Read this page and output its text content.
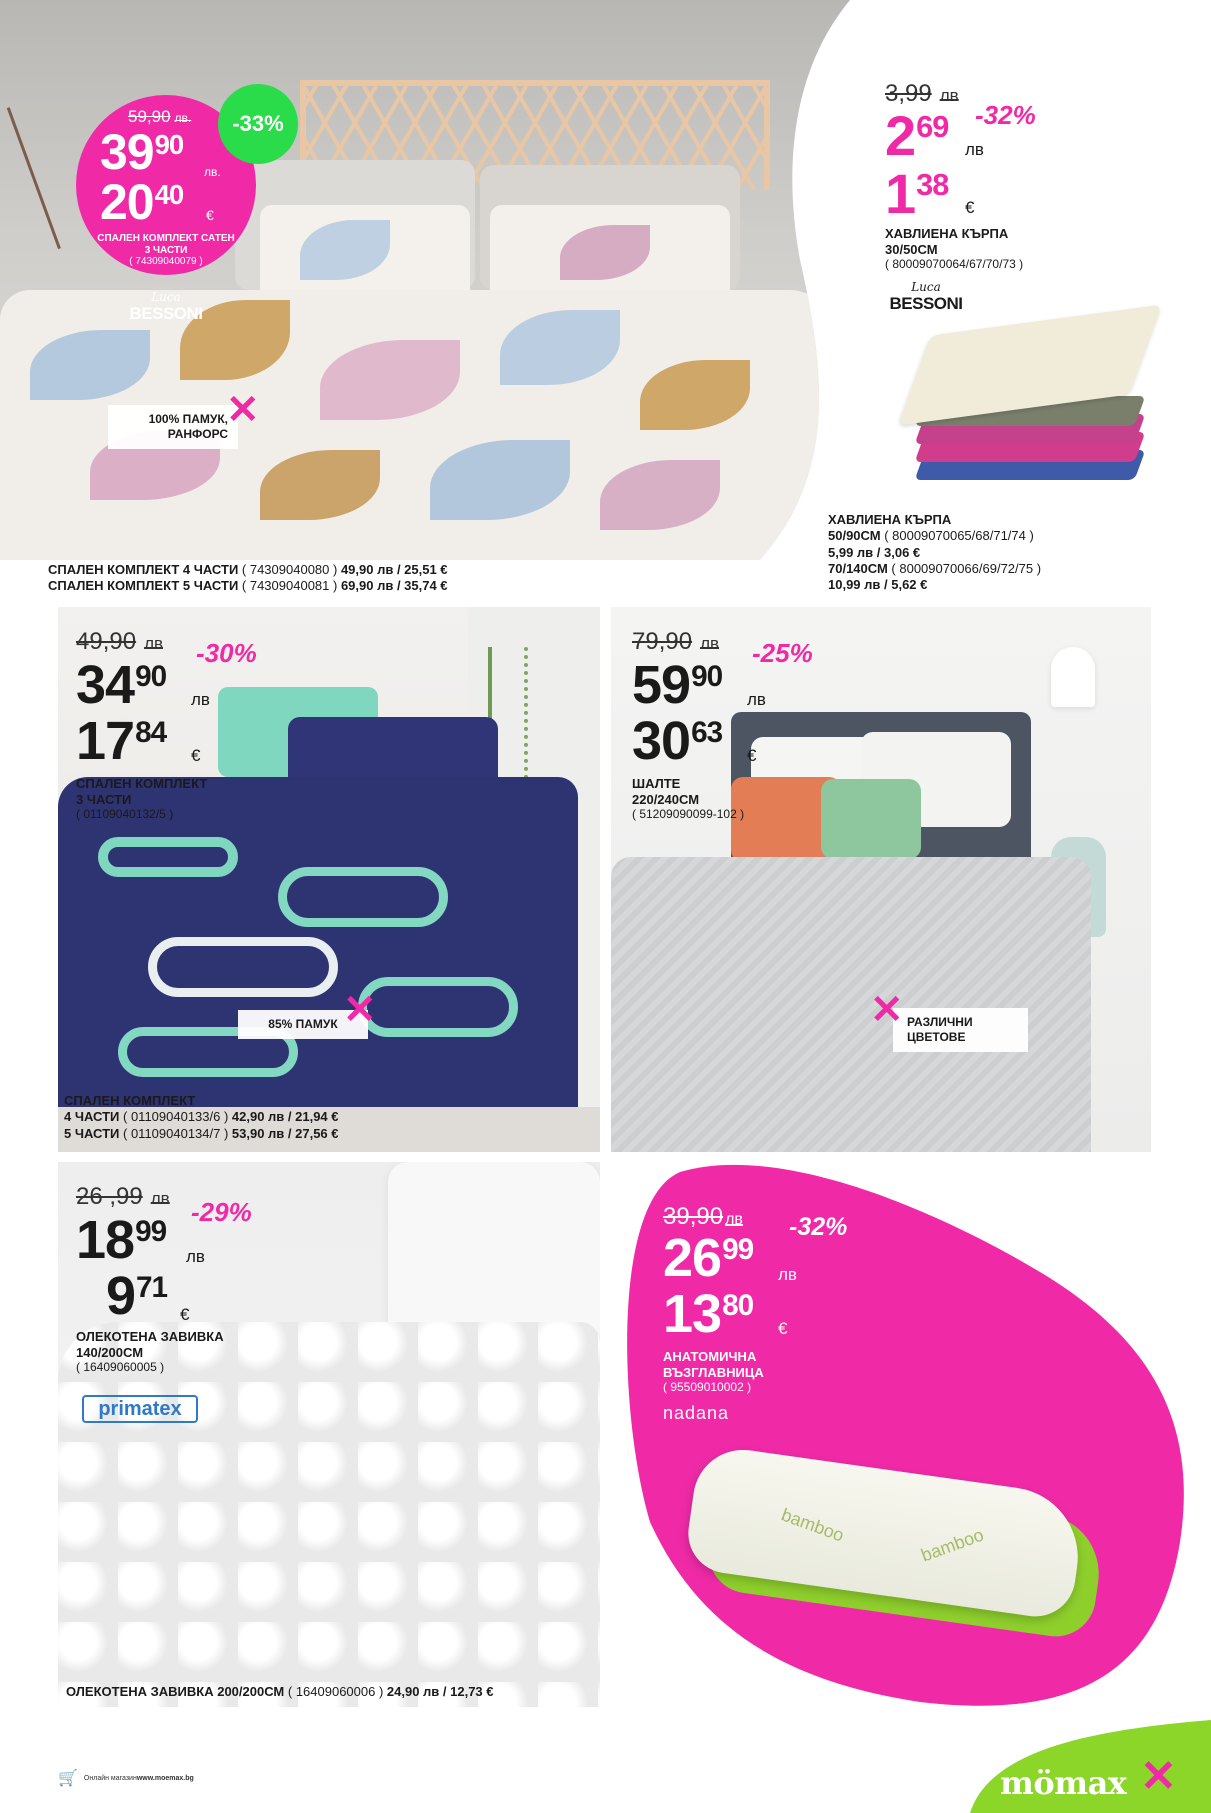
59,90 лв.
$39^{90}$
лв.
$20^{40}$
€
СПАЛЕН КОМПЛЕКТ САТЕН
3 ЧАСТИ
( 74309040079 )
-33%
Luca
BESSONI
100% ПАМУК,
РАНФОРС
✕
СПАЛЕН КОМПЛЕКТ 4 ЧАСТИ ( 74309040080 ) 49,90 лв / 25,51 €
СПАЛЕН КОМПЛЕКТ 5 ЧАСТИ ( 74309040081 ) 69,90 лв / 35,74 €
3,99 лв
$2^{69}$ -32%
лв
$1^{38}$
€
ХАВЛИЕНА КЪРПА
30/50СМ
( 80009070064/67/70/73 )
Luca
BESSONI
ХАВЛИЕНА КЪРПА
50/90СМ ( 80009070065/68/71/74 )
5,99 лв / 3,06 €
70/140СМ ( 80009070066/69/72/75 )
10,99 лв / 5,62 €
49,90 лв
$34^{90}$
-30%
лв
$17^{84}$
€
СПАЛЕН КОМПЛЕКТ
3 ЧАСТИ
( 01109040132/5 )
85% ПАМУК ✕
СПАЛЕН КОМПЛЕКТ
4 ЧАСТИ ( 01109040133/6 ) 42,90 лв / 21,94 €
5 ЧАСТИ ( 01109040134/7 ) 53,90 лв / 27,56 €
79,90 лв
$59^{90}$
-25%
лв
$30^{63}$
€
ШАЛТЕ
220/240СМ
( 51209090099-102 )
РАЗЛИЧНИ
ЦВЕТОВЕ
✕
26 ,99 лв
$18^{99}$
-29%
лв
$9^{71}$
€
ОЛЕКОТЕНА ЗАВИВКА
140/200СМ
( 16409060005 )
primatex
ОЛЕКОТЕНА ЗАВИВКА 200/200СМ ( 16409060006 ) 24,90 лв / 12,73 €
39,90 лв
$26^{99}$
-32%
лв
$13^{80}$
€
АНАТОМИЧНА
ВЪЗГЛАВНИЦА
( 95509010002 )
nadana
bamboo	bamboo
🛒 Онлайн магазин www.moemax.bg	mömax ✕
